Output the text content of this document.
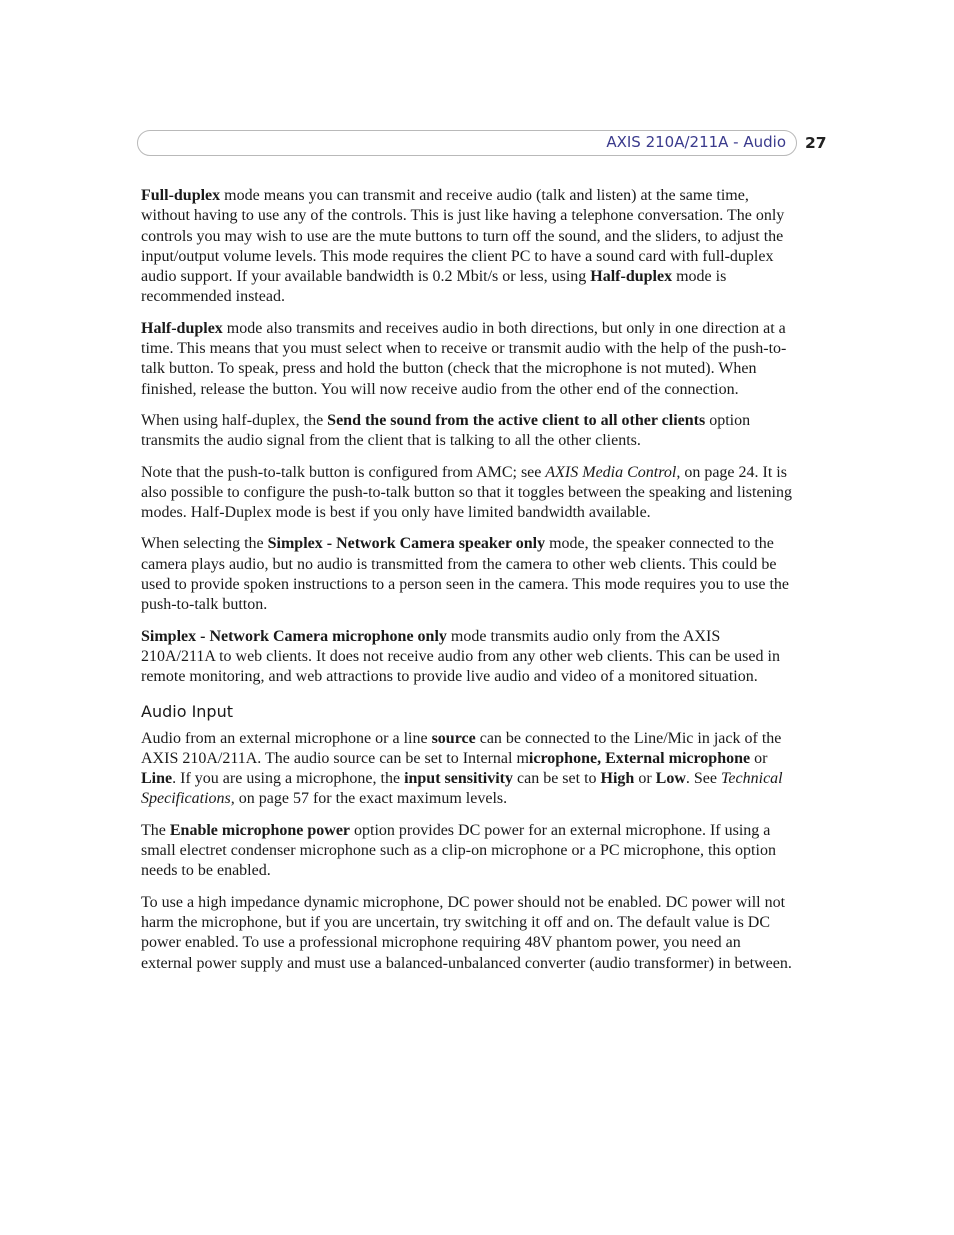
AXIS 210A/211A - Audio 27

Full-duplex mode means you can transmit and receive audio (talk and listen) at the same time, without having to use any of the controls. This is just like having a telephone conversation. The only controls you may wish to use are the mute buttons to turn off the sound, and the sliders, to adjust the input/output volume levels. This mode requires the client PC to have a sound card with full-duplex audio support. If your available bandwidth is 0.2 Mbit/s or less, using Half-duplex mode is recommended instead.

Half-duplex mode also transmits and receives audio in both directions, but only in one direction at a time. This means that you must select when to receive or transmit audio with the help of the push-to-talk button. To speak, press and hold the button (check that the microphone is not muted). When finished, release the button. You will now receive audio from the other end of the connection.

When using half-duplex, the Send the sound from the active client to all other clients option transmits the audio signal from the client that is talking to all the other clients.

Note that the push-to-talk button is configured from AMC; see AXIS Media Control, on page 24. It is also possible to configure the push-to-talk button so that it toggles between the speaking and listening modes. Half-Duplex mode is best if you only have limited bandwidth available.

When selecting the Simplex - Network Camera speaker only mode, the speaker connected to the camera plays audio, but no audio is transmitted from the camera to other web clients. This could be used to provide spoken instructions to a person seen in the camera. This mode requires you to use the push-to-talk button.

Simplex - Network Camera microphone only mode transmits audio only from the AXIS 210A/211A to web clients. It does not receive audio from any other web clients. This can be used in remote monitoring, and web attractions to provide live audio and video of a monitored situation.

Audio Input

Audio from an external microphone or a line source can be connected to the Line/Mic in jack of the AXIS 210A/211A. The audio source can be set to Internal microphone, External microphone or Line. If you are using a microphone, the input sensitivity can be set to High or Low. See Technical Specifications, on page 57 for the exact maximum levels.

The Enable microphone power option provides DC power for an external microphone. If using a small electret condenser microphone such as a clip-on microphone or a PC microphone, this option needs to be enabled.

To use a high impedance dynamic microphone, DC power should not be enabled. DC power will not harm the microphone, but if you are uncertain, try switching it off and on. The default value is DC power enabled. To use a professional microphone requiring 48V phantom power, you need an external power supply and must use a balanced-unbalanced converter (audio transformer) in between.
